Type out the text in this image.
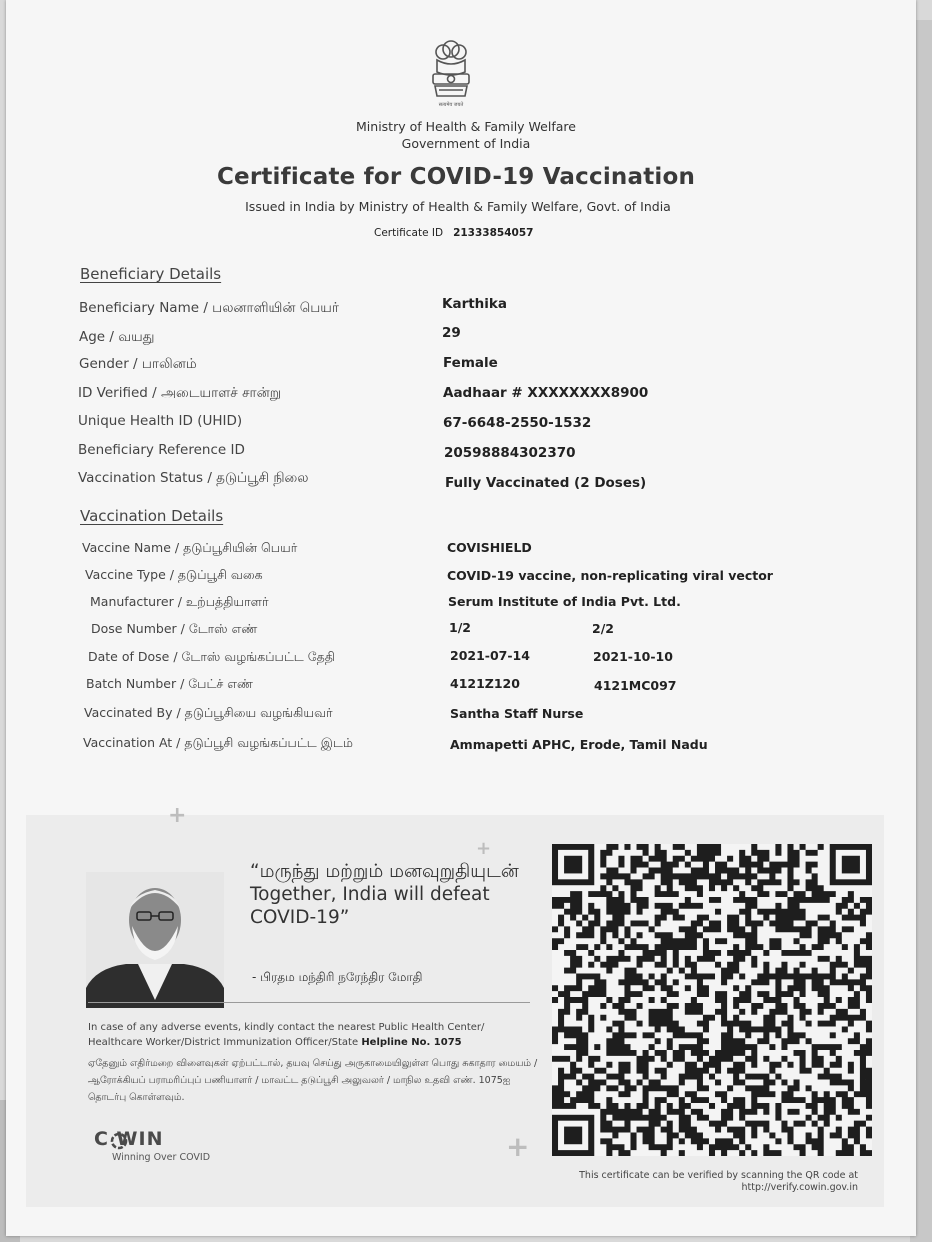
सत्यमेव जयते
Ministry of Health & Family Welfare
Government of India
Certificate for COVID-19 Vaccination
Issued in India by Ministry of Health & Family Welfare, Govt. of India
Certificate ID 21333854057
Beneficiary Details
Beneficiary Name / பலனாளியின் பெயர்	Karthika
Age / வயது	29
Gender / பாலினம்	Female
ID Verified / அடையாளச் சான்று	Aadhaar # XXXXXXXX8900
Unique Health ID (UHID)	67-6648-2550-1532
Beneficiary Reference ID	20598884302370
Vaccination Status / தடுப்பூசி நிலை	Fully Vaccinated (2 Doses)
Vaccination Details
Vaccine Name / தடுப்பூசியின் பெயர்	COVISHIELD
Vaccine Type / தடுப்பூசி வகை	COVID-19 vaccine, non-replicating viral vector
Manufacturer / உற்பத்தியாளர்	Serum Institute of India Pvt. Ltd.
Dose Number / டோஸ் எண்	1/2	2/2
Date of Dose / டோஸ் வழங்கப்பட்ட தேதி	2021-07-14	2021-10-10
Batch Number / பேட்ச் எண்	4121Z120	4121MC097
Vaccinated By / தடுப்பூசியை வழங்கியவர்	Santha Staff Nurse
Vaccination At / தடுப்பூசி வழங்கப்பட்ட இடம்	Ammapetti APHC, Erode, Tamil Nadu
+
+
+
“மருந்து மற்றும் மனவுறுதியுடன் Together, India will defeat COVID-19”
- பிரதம மந்திரி நரேந்திர மோதி
In case of any adverse events, kindly contact the nearest Public Health Center/ Healthcare Worker/District Immunization Officer/State Helpline No. 1075
ஏதேனும் எதிர்மறை விளைவுகள் ஏற்பட்டால், தயவு செய்து அருகாமையிலுள்ள பொது சுகாதார மையம் / ஆரோக்கியப் பராமரிப்புப் பணியாளர் / மாவட்ட தடுப்பூசி அலுவலர் / மாநில உதவி எண். 1075ஐ தொடர்பு கொள்ளவும்.
C WIN
Winning Over COVID
This certificate can be verified by scanning the QR code at http://verify.cowin.gov.in
